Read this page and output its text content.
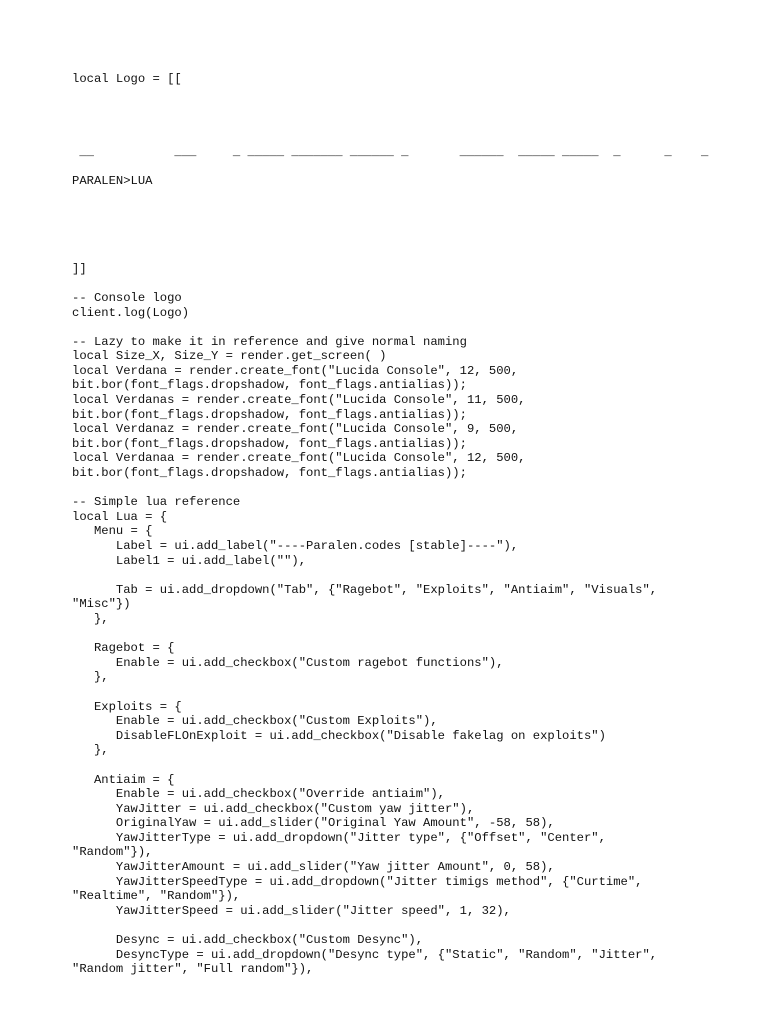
local Logo = [[
__           ___     _ _____ _______ ______ _       ______  _____ _____  _      _    _
PARALEN>LUA
]]
-- Console logo
client.log(Logo)
-- Lazy to make it in reference and give normal naming
local Size_X, Size_Y = render.get_screen( )
local Verdana = render.create_font("Lucida Console", 12, 500,
bit.bor(font_flags.dropshadow, font_flags.antialias));
local Verdanas = render.create_font("Lucida Console", 11, 500,
bit.bor(font_flags.dropshadow, font_flags.antialias));
local Verdanaz = render.create_font("Lucida Console", 9, 500,
bit.bor(font_flags.dropshadow, font_flags.antialias));
local Verdanaa = render.create_font("Lucida Console", 12, 500,
bit.bor(font_flags.dropshadow, font_flags.antialias));
-- Simple lua reference
local Lua = {
Menu = {
Label = ui.add_label("----Paralen.codes [stable]----"),
Label1 = ui.add_label(""),
Tab = ui.add_dropdown("Tab", {"Ragebot", "Exploits", "Antiaim", "Visuals",
"Misc"})
},
Ragebot = {
Enable = ui.add_checkbox("Custom ragebot functions"),
},
Exploits = {
Enable = ui.add_checkbox("Custom Exploits"),
DisableFLOnExploit = ui.add_checkbox("Disable fakelag on exploits")
},
Antiaim = {
Enable = ui.add_checkbox("Override antiaim"),
YawJitter = ui.add_checkbox("Custom yaw jitter"),
OriginalYaw = ui.add_slider("Original Yaw Amount", -58, 58),
YawJitterType = ui.add_dropdown("Jitter type", {"Offset", "Center",
"Random"}),
YawJitterAmount = ui.add_slider("Yaw jitter Amount", 0, 58),
YawJitterSpeedType = ui.add_dropdown("Jitter timigs method", {"Curtime",
"Realtime", "Random"}),
YawJitterSpeed = ui.add_slider("Jitter speed", 1, 32),
Desync = ui.add_checkbox("Custom Desync"),
DesyncType = ui.add_dropdown("Desync type", {"Static", "Random", "Jitter",
"Random jitter", "Full random"}),
